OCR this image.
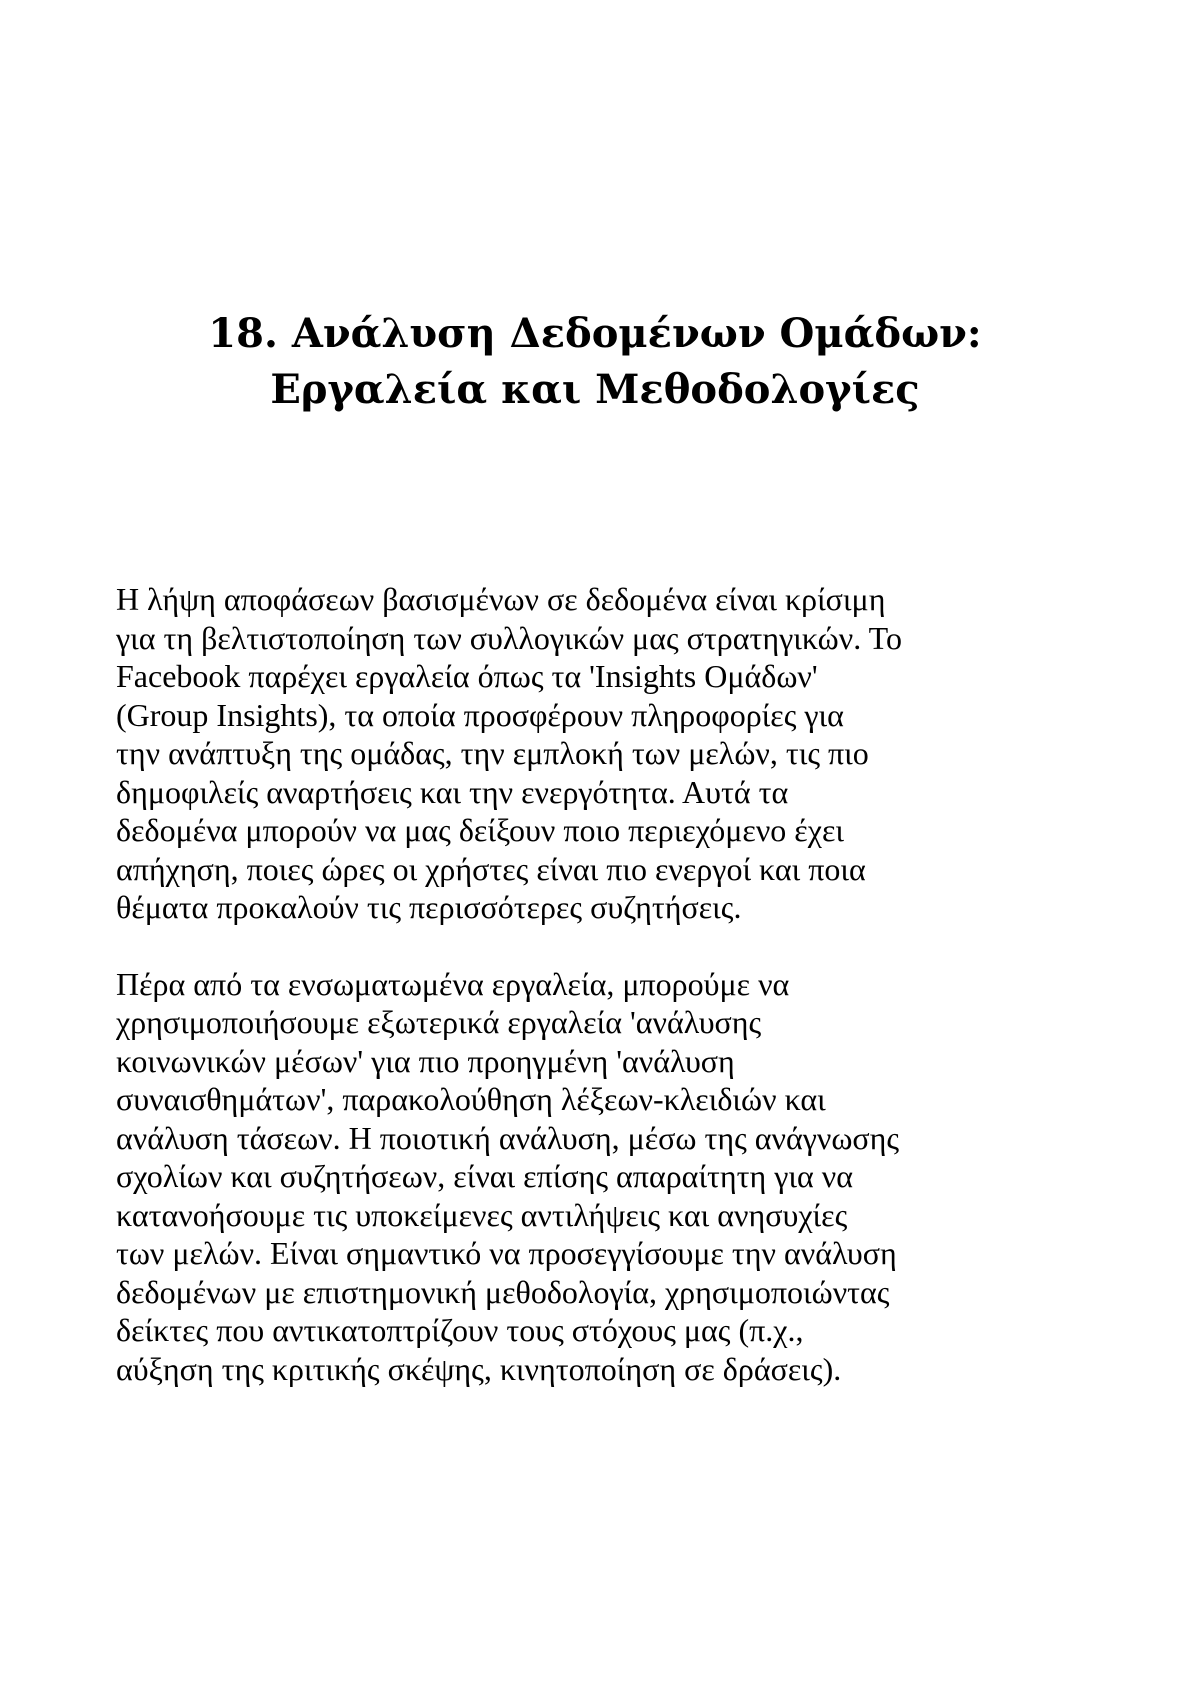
18. Ανάλυση Δεδομένων Ομάδων:
Εργαλεία και Μεθοδολογίες

Η λήψη αποφάσεων βασισμένων σε δεδομένα είναι κρίσιμη
για τη βελτιστοποίηση των συλλογικών μας στρατηγικών. Το
Facebook παρέχει εργαλεία όπως τα 'Insights Ομάδων'
(Group Insights), τα οποία προσφέρουν πληροφορίες για
την ανάπτυξη της ομάδας, την εμπλοκή των μελών, τις πιο
δημοφιλείς αναρτήσεις και την ενεργότητα. Αυτά τα
δεδομένα μπορούν να μας δείξουν ποιο περιεχόμενο έχει
απήχηση, ποιες ώρες οι χρήστες είναι πιο ενεργοί και ποια
θέματα προκαλούν τις περισσότερες συζητήσεις.

Πέρα από τα ενσωματωμένα εργαλεία, μπορούμε να
χρησιμοποιήσουμε εξωτερικά εργαλεία 'ανάλυσης
κοινωνικών μέσων' για πιο προηγμένη 'ανάλυση
συναισθημάτων', παρακολούθηση λέξεων-κλειδιών και
ανάλυση τάσεων. Η ποιοτική ανάλυση, μέσω της ανάγνωσης
σχολίων και συζητήσεων, είναι επίσης απαραίτητη για να
κατανοήσουμε τις υποκείμενες αντιλήψεις και ανησυχίες
των μελών. Είναι σημαντικό να προσεγγίσουμε την ανάλυση
δεδομένων με επιστημονική μεθοδολογία, χρησιμοποιώντας
δείκτες που αντικατοπτρίζουν τους στόχους μας (π.χ.,
αύξηση της κριτικής σκέψης, κινητοποίηση σε δράσεις).
